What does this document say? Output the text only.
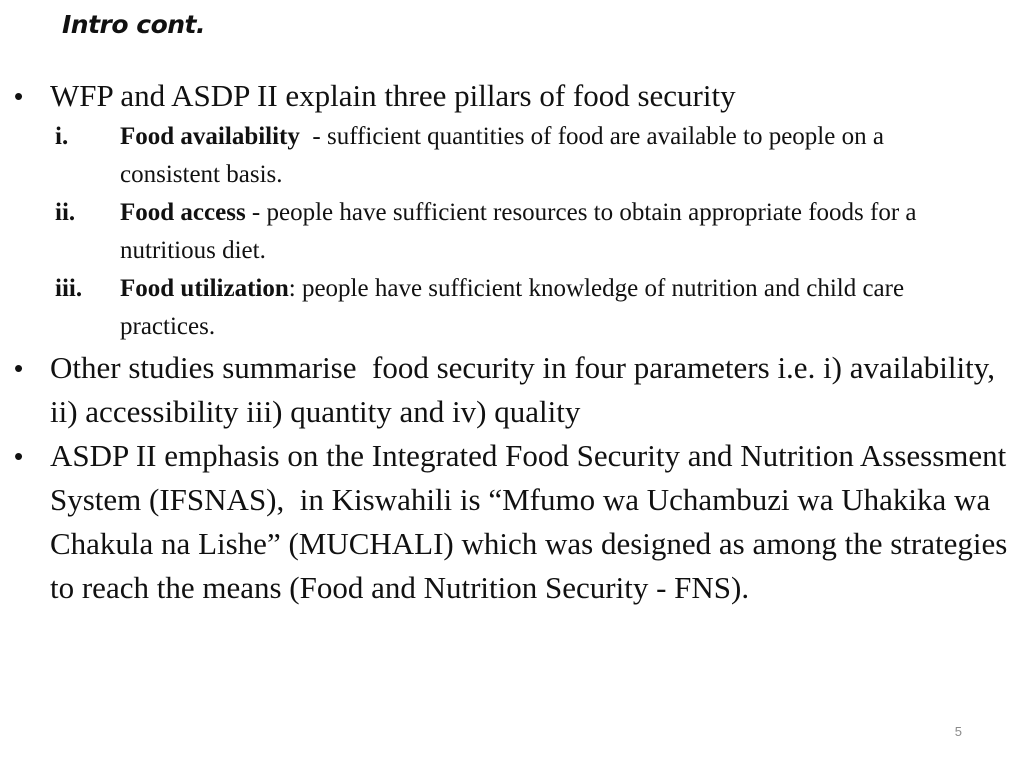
Intro cont.
• WFP and ASDP II explain three pillars of food security
i. Food availability  - sufficient quantities of food are available to people on a consistent basis.
ii. Food access - people have sufficient resources to obtain appropriate foods for a nutritious diet.
iii. Food utilization: people have sufficient knowledge of nutrition and child care practices.
• Other studies summarise  food security in four parameters i.e. i) availability, ii) accessibility iii) quantity and iv) quality
• ASDP II emphasis on the Integrated Food Security and Nutrition Assessment System (IFSNAS),  in Kiswahili is “Mfumo wa Uchambuzi wa Uhakika wa Chakula na Lishe” (MUCHALI) which was designed as among the strategies to reach the means (Food and Nutrition Security - FNS).
5
